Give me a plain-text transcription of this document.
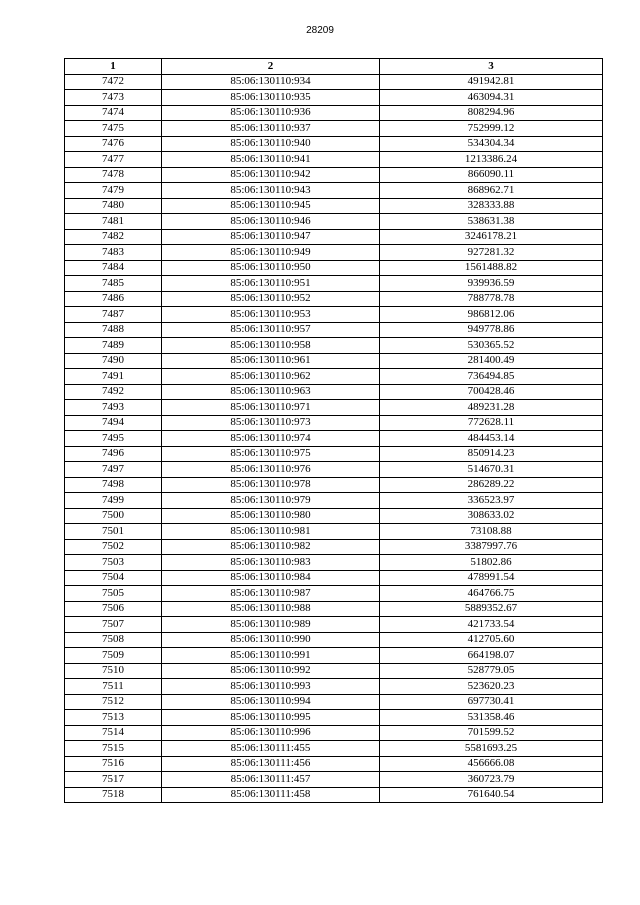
28209
1	2	3
7472	85:06:130110:934	491942.81
7473	85:06:130110:935	463094.31
7474	85:06:130110:936	808294.96
7475	85:06:130110:937	752999.12
7476	85:06:130110:940	534304.34
7477	85:06:130110:941	1213386.24
7478	85:06:130110:942	866090.11
7479	85:06:130110:943	868962.71
7480	85:06:130110:945	328333.88
7481	85:06:130110:946	538631.38
7482	85:06:130110:947	3246178.21
7483	85:06:130110:949	927281.32
7484	85:06:130110:950	1561488.82
7485	85:06:130110:951	939936.59
7486	85:06:130110:952	788778.78
7487	85:06:130110:953	986812.06
7488	85:06:130110:957	949778.86
7489	85:06:130110:958	530365.52
7490	85:06:130110:961	281400.49
7491	85:06:130110:962	736494.85
7492	85:06:130110:963	700428.46
7493	85:06:130110:971	489231.28
7494	85:06:130110:973	772628.11
7495	85:06:130110:974	484453.14
7496	85:06:130110:975	850914.23
7497	85:06:130110:976	514670.31
7498	85:06:130110:978	286289.22
7499	85:06:130110:979	336523.97
7500	85:06:130110:980	308633.02
7501	85:06:130110:981	73108.88
7502	85:06:130110:982	3387997.76
7503	85:06:130110:983	51802.86
7504	85:06:130110:984	478991.54
7505	85:06:130110:987	464766.75
7506	85:06:130110:988	5889352.67
7507	85:06:130110:989	421733.54
7508	85:06:130110:990	412705.60
7509	85:06:130110:991	664198.07
7510	85:06:130110:992	528779.05
7511	85:06:130110:993	523620.23
7512	85:06:130110:994	697730.41
7513	85:06:130110:995	531358.46
7514	85:06:130110:996	701599.52
7515	85:06:130111:455	5581693.25
7516	85:06:130111:456	456666.08
7517	85:06:130111:457	360723.79
7518	85:06:130111:458	761640.54
